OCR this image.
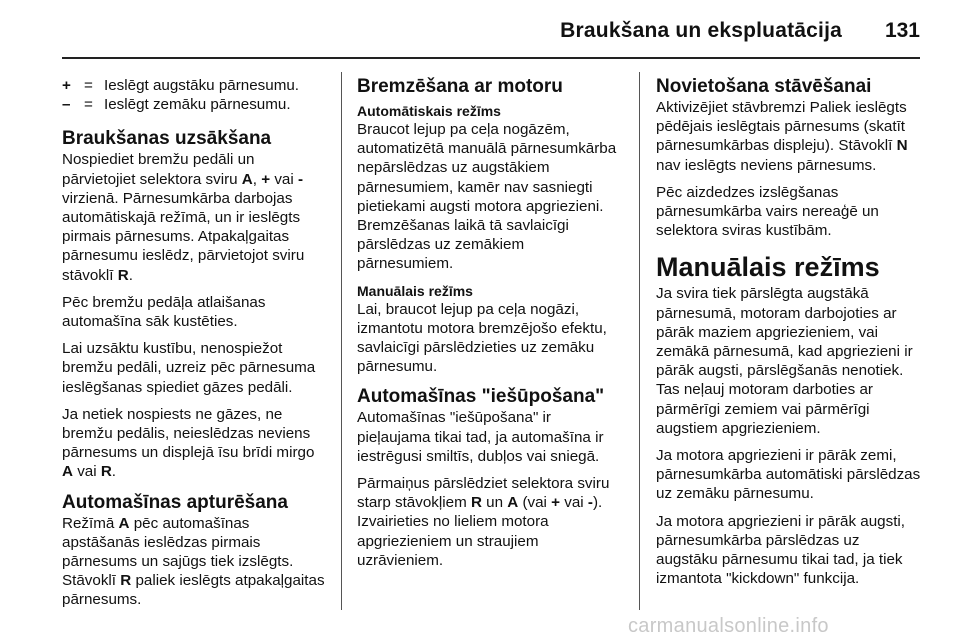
Braukšana un ekspluatācija 131
+ = Ieslēgt augstāku pārnesumu.
– = Ieslēgt zemāku pārnesumu.
Braukšanas uzsākšana

Nospiediet bremžu pedāli un pārvietojiet selektora sviru A, + vai - virzienā. Pārnesumkārba darbojas automātiskajā režīmā, un ir ieslēgts pirmais pārnesums. Atpakaļgaitas pārnesumu ieslēdz, pārvietojot sviru stāvoklī R.

Pēc bremžu pedāļa atlaišanas automašīna sāk kustēties.

Lai uzsāktu kustību, nenospiežot bremžu pedāli, uzreiz pēc pārnesuma ieslēgšanas spiediet gāzes pedāli.

Ja netiek nospiests ne gāzes, ne bremžu pedālis, neieslēdzas neviens pārnesums un displejā īsu brīdi mirgo A vai R.

Automašīnas apturēšana

Režīmā A pēc automašīnas apstāšanās ieslēdzas pirmais pārnesums un sajūgs tiek izslēgts. Stāvoklī R paliek ieslēgts atpakaļgaitas pārnesums.

Bremzēšana ar motoru
Automātiskais režīms

Braucot lejup pa ceļa nogāzēm, automatizētā manuālā pārnesumkārba nepārslēdzas uz augstākiem pārnesumiem, kamēr nav sasniegti pietiekami augsti motora apgriezieni. Bremzēšanas laikā tā savlaicīgi pārslēdzas uz zemākiem pārnesumiem.

Manuālais režīms

Lai, braucot lejup pa ceļa nogāzi, izmantotu motora bremzējošo efektu, savlaicīgi pārslēdzieties uz zemāku pārnesumu.

Automašīnas "iešūpošana"

Automašīnas "iešūpošana" ir pieļaujama tikai tad, ja automašīna ir iestrēgusi smiltīs, dubļos vai sniegā.

Pārmaiņus pārslēdziet selektora sviru starp stāvokļiem R un A (vai + vai -). Izvairieties no lieliem motora apgriezieniem un straujiem uzrāvieniem.

Novietošana stāvēšanai

Aktivizējiet stāvbremzi Paliek ieslēgts pēdējais ieslēgtais pārnesums (skatīt pārnesumkārbas displeju). Stāvoklī N nav ieslēgts neviens pārnesums.

Pēc aizdedzes izslēgšanas pārnesumkārba vairs nereaģē un selektora sviras kustībām.

Manuālais režīms

Ja svira tiek pārslēgta augstākā pārnesumā, motoram darbojoties ar pārāk maziem apgriezieniem, vai zemākā pārnesumā, kad apgriezieni ir pārāk augsti, pārslēgšanās nenotiek. Tas neļauj motoram darboties ar pārmērīgi zemiem vai pārmērīgi augstiem apgriezieniem.

Ja motora apgriezieni ir pārāk zemi, pārnesumkārba automātiski pārslēdzas uz zemāku pārnesumu.

Ja motora apgriezieni ir pārāk augsti, pārnesumkārba pārslēdzas uz augstāku pārnesumu tikai tad, ja tiek izmantota "kickdown" funkcija.

carmanualsonline.info
